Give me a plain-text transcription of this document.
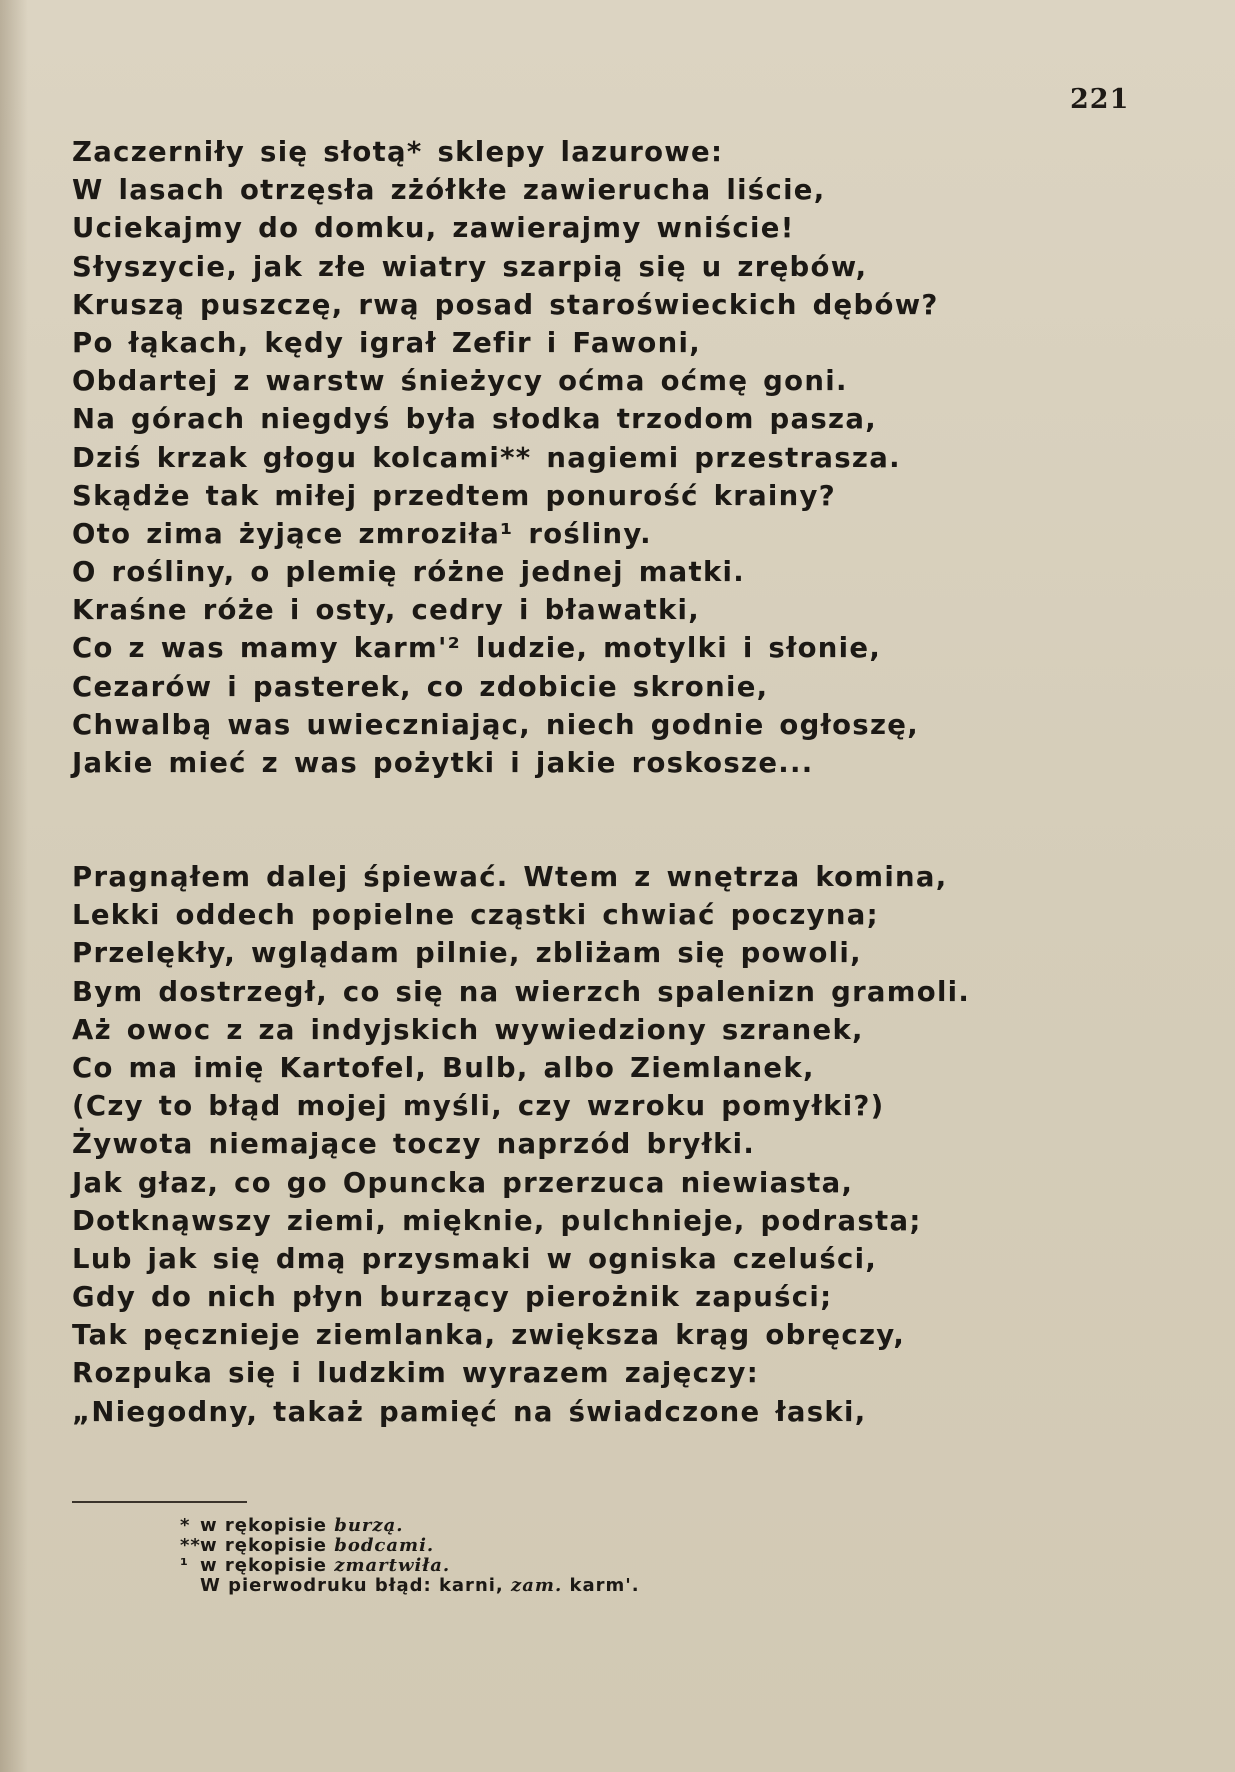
221
Zaczerniły się słotą* sklepy lazurowe:
W lasach otrzęsła zżółkłe zawierucha liście,
Uciekajmy do domku, zawierajmy wniście!
Słyszycie, jak złe wiatry szarpią się u zrębów,
Kruszą puszczę, rwą posad staroświeckich dębów?
Po łąkach, kędy igrał Zefir i Fawoni,
Obdartej z warstw śnieżycy oćma oćmę goni.
Na górach niegdyś była słodka trzodom pasza,
Dziś krzak głogu kolcami** nagiemi przestrasza.
Skądże tak miłej przedtem ponurość krainy?
Oto zima żyjące zmroziła¹ rośliny.
O rośliny, o plemię różne jednej matki.
Kraśne róże i osty, cedry i bławatki,
Co z was mamy karm'² ludzie, motylki i słonie,
Cezarów i pasterek, co zdobicie skronie,
Chwalbą was uwieczniając, niech godnie ogłoszę,
Jakie mieć z was pożytki i jakie roskosze...
Pragnąłem dalej śpiewać. Wtem z wnętrza komina,
Lekki oddech popielne cząstki chwiać poczyna;
Przelękły, wglądam pilnie, zbliżam się powoli,
Bym dostrzegł, co się na wierzch spalenizn gramoli.
Aż owoc z za indyjskich wywiedziony szranek,
Co ma imię Kartofel, Bulb, albo Ziemlanek,
(Czy to błąd mojej myśli, czy wzroku pomyłki?)
Żywota niemające toczy naprzód bryłki.
Jak głaz, co go Opuncka przerzuca niewiasta,
Dotknąwszy ziemi, mięknie, pulchnieje, podrasta;
Lub jak się dmą przysmaki w ogniska czeluści,
Gdy do nich płyn burzący pierożnik zapuści;
Tak pęcznieje ziemlanka, zwiększa krąg obręczy,
Rozpuka się i ludzkim wyrazem zajęczy:
„Niegodny, takaż pamięć na świadczone łaski,
* w rękopisie burzą.
**w rękopisie bodcami.
¹ w rękopisie zmartwiła.
W pierwodruku błąd: karni, zam. karm'.
